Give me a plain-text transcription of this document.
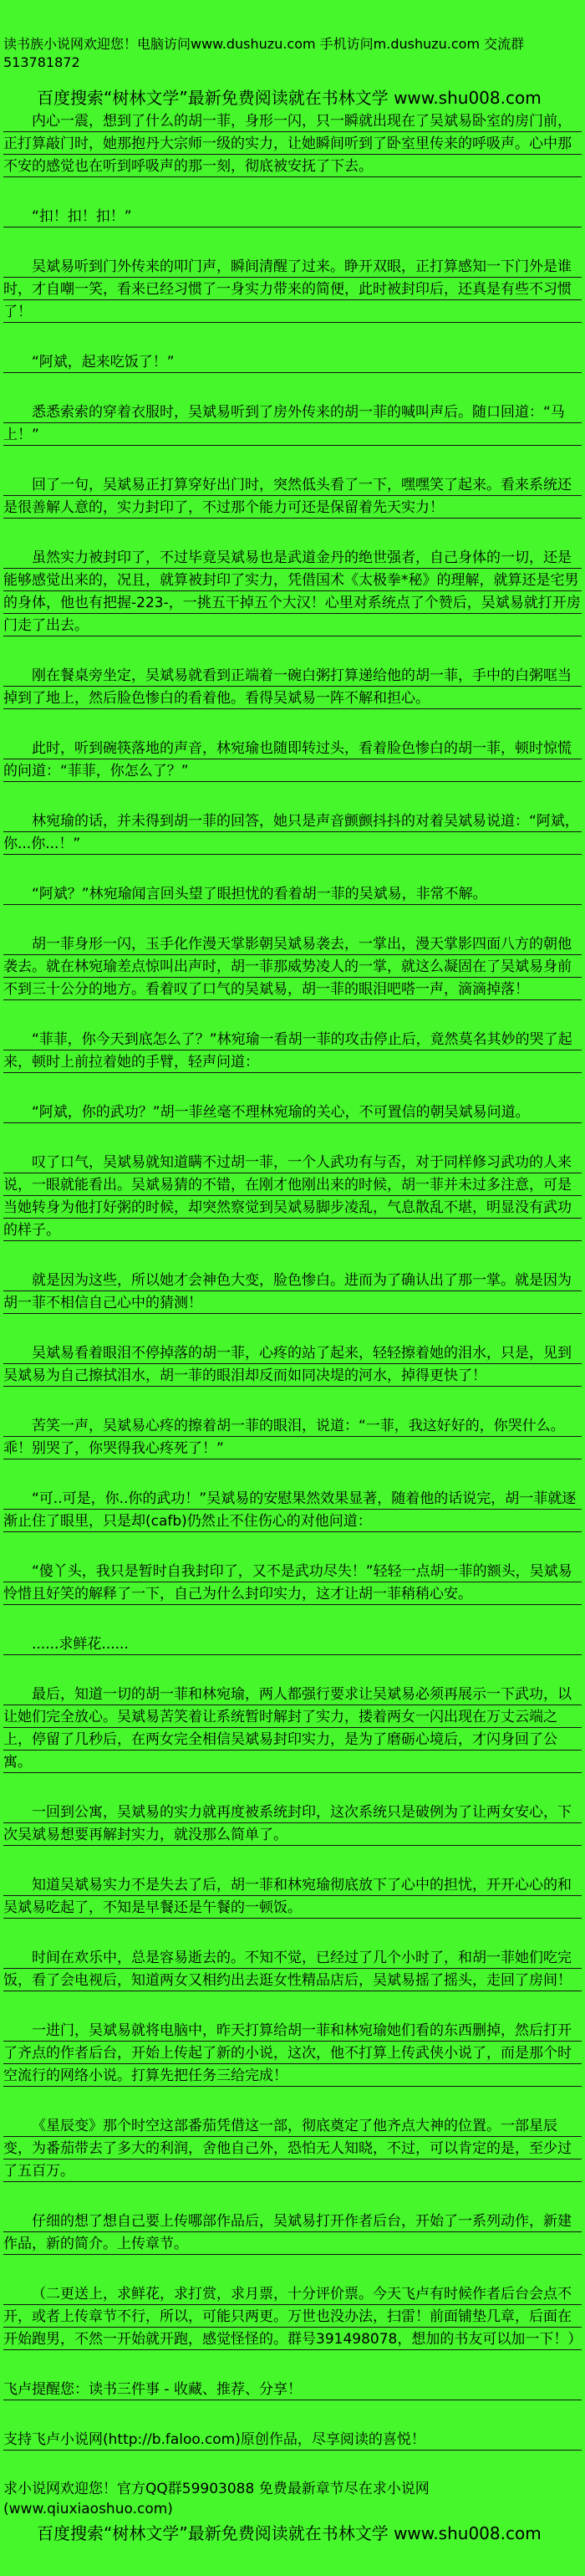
读书族小说网欢迎您！电脑访问www.dushuzu.com 手机访问m.dushuzu.com 交流群513781872

百度搜索“树林文学”最新免费阅读就在书林文学 www.shu008.com

内心一震，想到了什么的胡一菲，身形一闪，只一瞬就出现在了吴斌易卧室的房门前，正打算敲门时，她那抱丹大宗师一级的实力，让她瞬间听到了卧室里传来的呼吸声。心中那不安的感觉也在听到呼吸声的那一刻，彻底被安抚了下去。

“扣！扣！扣！”

吴斌易听到门外传来的叩门声，瞬间清醒了过来。睁开双眼，正打算感知一下门外是谁时，才自嘲一笑，看来已经习惯了一身实力带来的简便，此时被封印后，还真是有些不习惯了！

“阿斌，起来吃饭了！”

悉悉索索的穿着衣服时，吴斌易听到了房外传来的胡一菲的喊叫声后。随口回道：“马上！”

回了一句，吴斌易正打算穿好出门时，突然低头看了一下，嘿嘿笑了起来。看来系统还是很善解人意的，实力封印了，不过那个能力可还是保留着先天实力！

虽然实力被封印了，不过毕竟吴斌易也是武道金丹的绝世强者，自己身体的一切，还是能够感觉出来的，况且，就算被封印了实力，凭借国术《太极拳*秘》的理解，就算还是宅男的身体，他也有把握-223-，一挑五干掉五个大汉！心里对系统点了个赞后，吴斌易就打开房门走了出去。

刚在餐桌旁坐定，吴斌易就看到正端着一碗白粥打算递给他的胡一菲，手中的白粥哐当掉到了地上，然后脸色惨白的看着他。看得吴斌易一阵不解和担心。

此时，听到碗筷落地的声音，林宛瑜也随即转过头，看着脸色惨白的胡一菲，顿时惊慌的问道：“菲菲，你怎么了？”

林宛瑜的话，并未得到胡一菲的回答，她只是声音颤颤抖抖的对着吴斌易说道：“阿斌，你...你...！”

“阿斌？”林宛瑜闻言回头望了眼担忧的看着胡一菲的吴斌易，非常不解。

胡一菲身形一闪，玉手化作漫天掌影朝吴斌易袭去，一掌出，漫天掌影四面八方的朝他袭去。就在林宛瑜差点惊叫出声时，胡一菲那威势凌人的一掌，就这么凝固在了吴斌易身前不到三十公分的地方。看着叹了口气的吴斌易，胡一菲的眼泪吧嗒一声，滴滴掉落！

“菲菲，你今天到底怎么了？”林宛瑜一看胡一菲的攻击停止后，竟然莫名其妙的哭了起来，顿时上前拉着她的手臂，轻声问道：

“阿斌，你的武功？”胡一菲丝毫不理林宛瑜的关心，不可置信的朝吴斌易问道。

叹了口气，吴斌易就知道瞒不过胡一菲，一个人武功有与否，对于同样修习武功的人来说，一眼就能看出。吴斌易猜的不错，在刚才他刚出来的时候，胡一菲并未过多注意，可是当她转身为他打好粥的时候，却突然察觉到吴斌易脚步凌乱，气息散乱不堪，明显没有武功的样子。

就是因为这些，所以她才会神色大变，脸色惨白。进而为了确认出了那一掌。就是因为胡一菲不相信自己心中的猜测！

吴斌易看着眼泪不停掉落的胡一菲，心疼的站了起来，轻轻擦着她的泪水，只是，见到吴斌易为自己擦拭泪水，胡一菲的眼泪却反而如同决堤的河水，掉得更快了！

苦笑一声，吴斌易心疼的擦着胡一菲的眼泪，说道：“一菲，我这好好的，你哭什么。乖！别哭了，你哭得我心疼死了！”

“可..可是，你..你的武功！”吴斌易的安慰果然效果显著，随着他的话说完，胡一菲就逐渐止住了眼里，只是却(cafb)仍然止不住伤心的对他问道：

“傻丫头，我只是暂时自我封印了，又不是武功尽失！”轻轻一点胡一菲的额头，吴斌易怜惜且好笑的解释了一下，自己为什么封印实力，这才让胡一菲稍稍心安。

......求鲜花......

最后，知道一切的胡一菲和林宛瑜，两人都强行要求让吴斌易必须再展示一下武功，以让她们完全放心。吴斌易苦笑着让系统暂时解封了实力，搂着两女一闪出现在万丈云端之上，停留了几秒后，在两女完全相信吴斌易封印实力，是为了磨砺心境后，才闪身回了公寓。

一回到公寓，吴斌易的实力就再度被系统封印，这次系统只是破例为了让两女安心，下次吴斌易想要再解封实力，就没那么简单了。

知道吴斌易实力不是失去了后，胡一菲和林宛瑜彻底放下了心中的担忧，开开心心的和吴斌易吃起了，不知是早餐还是午餐的一顿饭。

时间在欢乐中，总是容易逝去的。不知不觉，已经过了几个小时了，和胡一菲她们吃完饭，看了会电视后，知道两女又相约出去逛女性精品店后，吴斌易摇了摇头，走回了房间！

一进门，吴斌易就将电脑中，昨天打算给胡一菲和林宛瑜她们看的东西删掉，然后打开了齐点的作者后台，开始上传起了新的小说，这次，他不打算上传武侠小说了，而是那个时空流行的网络小说。打算先把任务三给完成！

《星辰变》那个时空这部番茄凭借这一部，彻底奠定了他齐点大神的位置。一部星辰变，为番茄带去了多大的利润，舍他自己外，恐怕无人知晓，不过，可以肯定的是，至少过了五百万。

仔细的想了想自己要上传哪部作品后，吴斌易打开作者后台，开始了一系列动作，新建作品，新的简介。上传章节。

（二更送上，求鲜花，求打赏，求月票，十分评价票。今天飞卢有时候作者后台会点不开，或者上传章节不行，所以，可能只两更。万世也没办法，扫雷！前面铺垫几章，后面在开始跑男，不然一开始就开跑，感觉怪怪的。群号391498078，想加的书友可以加一下！）

飞卢提醒您：读书三件事 - 收藏、推荐、分享！

支持飞卢小说网(http://b.faloo.com)原创作品，尽享阅读的喜悦！

求小说网欢迎您！官方QQ群59903088 免费最新章节尽在求小说网(www.qiuxiaoshuo.com)

百度搜索“树林文学”最新免费阅读就在书林文学 www.shu008.com
